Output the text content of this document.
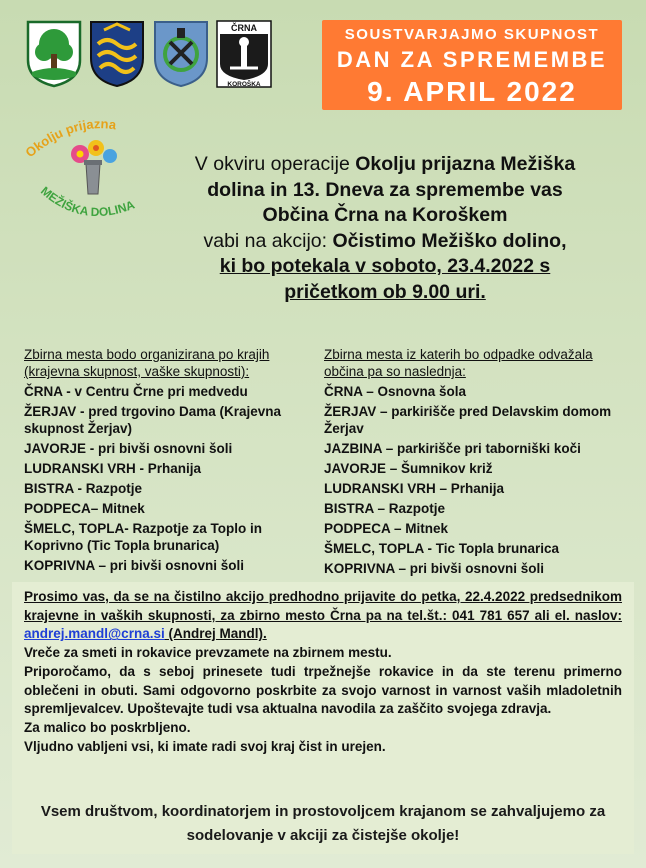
ČRNA
KOROŠKA
SOUSTVARJAJMO SKUPNOST
DAN ZA SPREMEMBE
9. APRIL 2022
Okolju prijazna
MEŽIŠKA DOLINA
V okviru operacije Okolju prijazna Mežiška dolina in 13. Dneva za spremembe vas Občina Črna na Koroškem
vabi na akcijo: Očistimo Mežiško dolino,
ki bo potekala v soboto, 23.4.2022 s pričetkom ob 9.00 uri.
Zbirna mesta bodo organizirana po krajih (krajevna skupnost, vaške skupnosti):
ČRNA - v Centru Črne pri medvedu
ŽERJAV - pred trgovino Dama (Krajevna skupnost Žerjav)
JAVORJE - pri bivši osnovni šoli
LUDRANSKI VRH - Prhanija
BISTRA - Razpotje
PODPECA– Mitnek
ŠMELC, TOPLA- Razpotje za Toplo in Koprivno (Tic Topla brunarica)
KOPRIVNA – pri bivši osnovni šoli
Zbirna mesta iz katerih bo odpadke odvažala občina pa so naslednja:
ČRNA – Osnovna šola
ŽERJAV – parkirišče pred Delavskim domom Žerjav
JAZBINA – parkirišče pri taborniški koči
JAVORJE – Šumnikov križ
LUDRANSKI VRH – Prhanija
BISTRA – Razpotje
PODPECA – Mitnek
ŠMELC, TOPLA - Tic Topla brunarica
KOPRIVNA – pri bivši osnovni šoli

Prosimo vas, da se na čistilno akcijo predhodno prijavite do petka, 22.4.2022 predsednikom krajevne in vaških skupnosti, za zbirno mesto Črna pa na tel.št.: 041 781 657 ali el. naslov: andrej.mandl@crna.si (Andrej Mandl).

Vreče za smeti in rokavice prevzamete na zbirnem mestu.

Priporočamo, da s seboj prinesete tudi trpežnejše rokavice in da ste terenu primerno oblečeni in obuti. Sami odgovorno poskrbite za svojo varnost in varnost vaših mladoletnih spremljevalcev. Upoštevajte tudi vsa aktualna navodila za zaščito svojega zdravja.

Za malico bo poskrbljeno.

Vljudno vabljeni vsi, ki imate radi svoj kraj čist in urejen.

Vsem društvom, koordinatorjem in prostovoljcem krajanom se zahvaljujemo za sodelovanje v akciji za čistejše okolje!
